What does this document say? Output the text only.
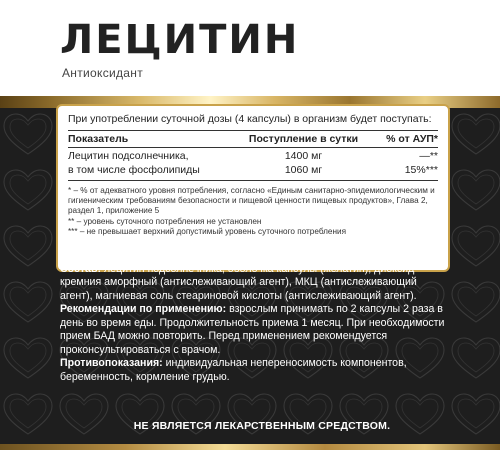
ЛЕЦИТИН
Антиоксидант
При употреблении суточной дозы (4 капсулы) в организм будет поступать:
Показатель	Поступление в сутки	% от АУП*
Лецитин подсолнечника,	1400 мг	—**
в том числе фосфолипиды	1060 мг	15%***
* – % от адекватного уровня потребления, согласно «Единым санитарно-эпидемиологическим и гигиеническим требованиям безопасности и пищевой ценности пищевых продуктов», Глава 2, раздел 1, приложение 5
** – уровень суточного потребления не установлен
*** – не превышает верхний допустимый уровень суточного потребления

Состав: лецитин подсолнечника, оболочка капсулы (желатин), диоксид кремния аморфный (антислеживающий агент), МКЦ (антислеживающий агент), магниевая соль стеариновой кислоты (антислеживающий агент).

Рекомендации по применению: взрослым принимать по 2 капсулы 2 раза в день во время еды. Продолжительность приема 1 месяц. При необходимости прием БАД можно повторить. Перед применением рекомендуется проконсультироваться с врачом.

Противопоказания: индивидуальная непереносимость компонентов, беременность, кормление грудью.

НЕ ЯВЛЯЕТСЯ ЛЕКАРСТВЕННЫМ СРЕДСТВОМ.
